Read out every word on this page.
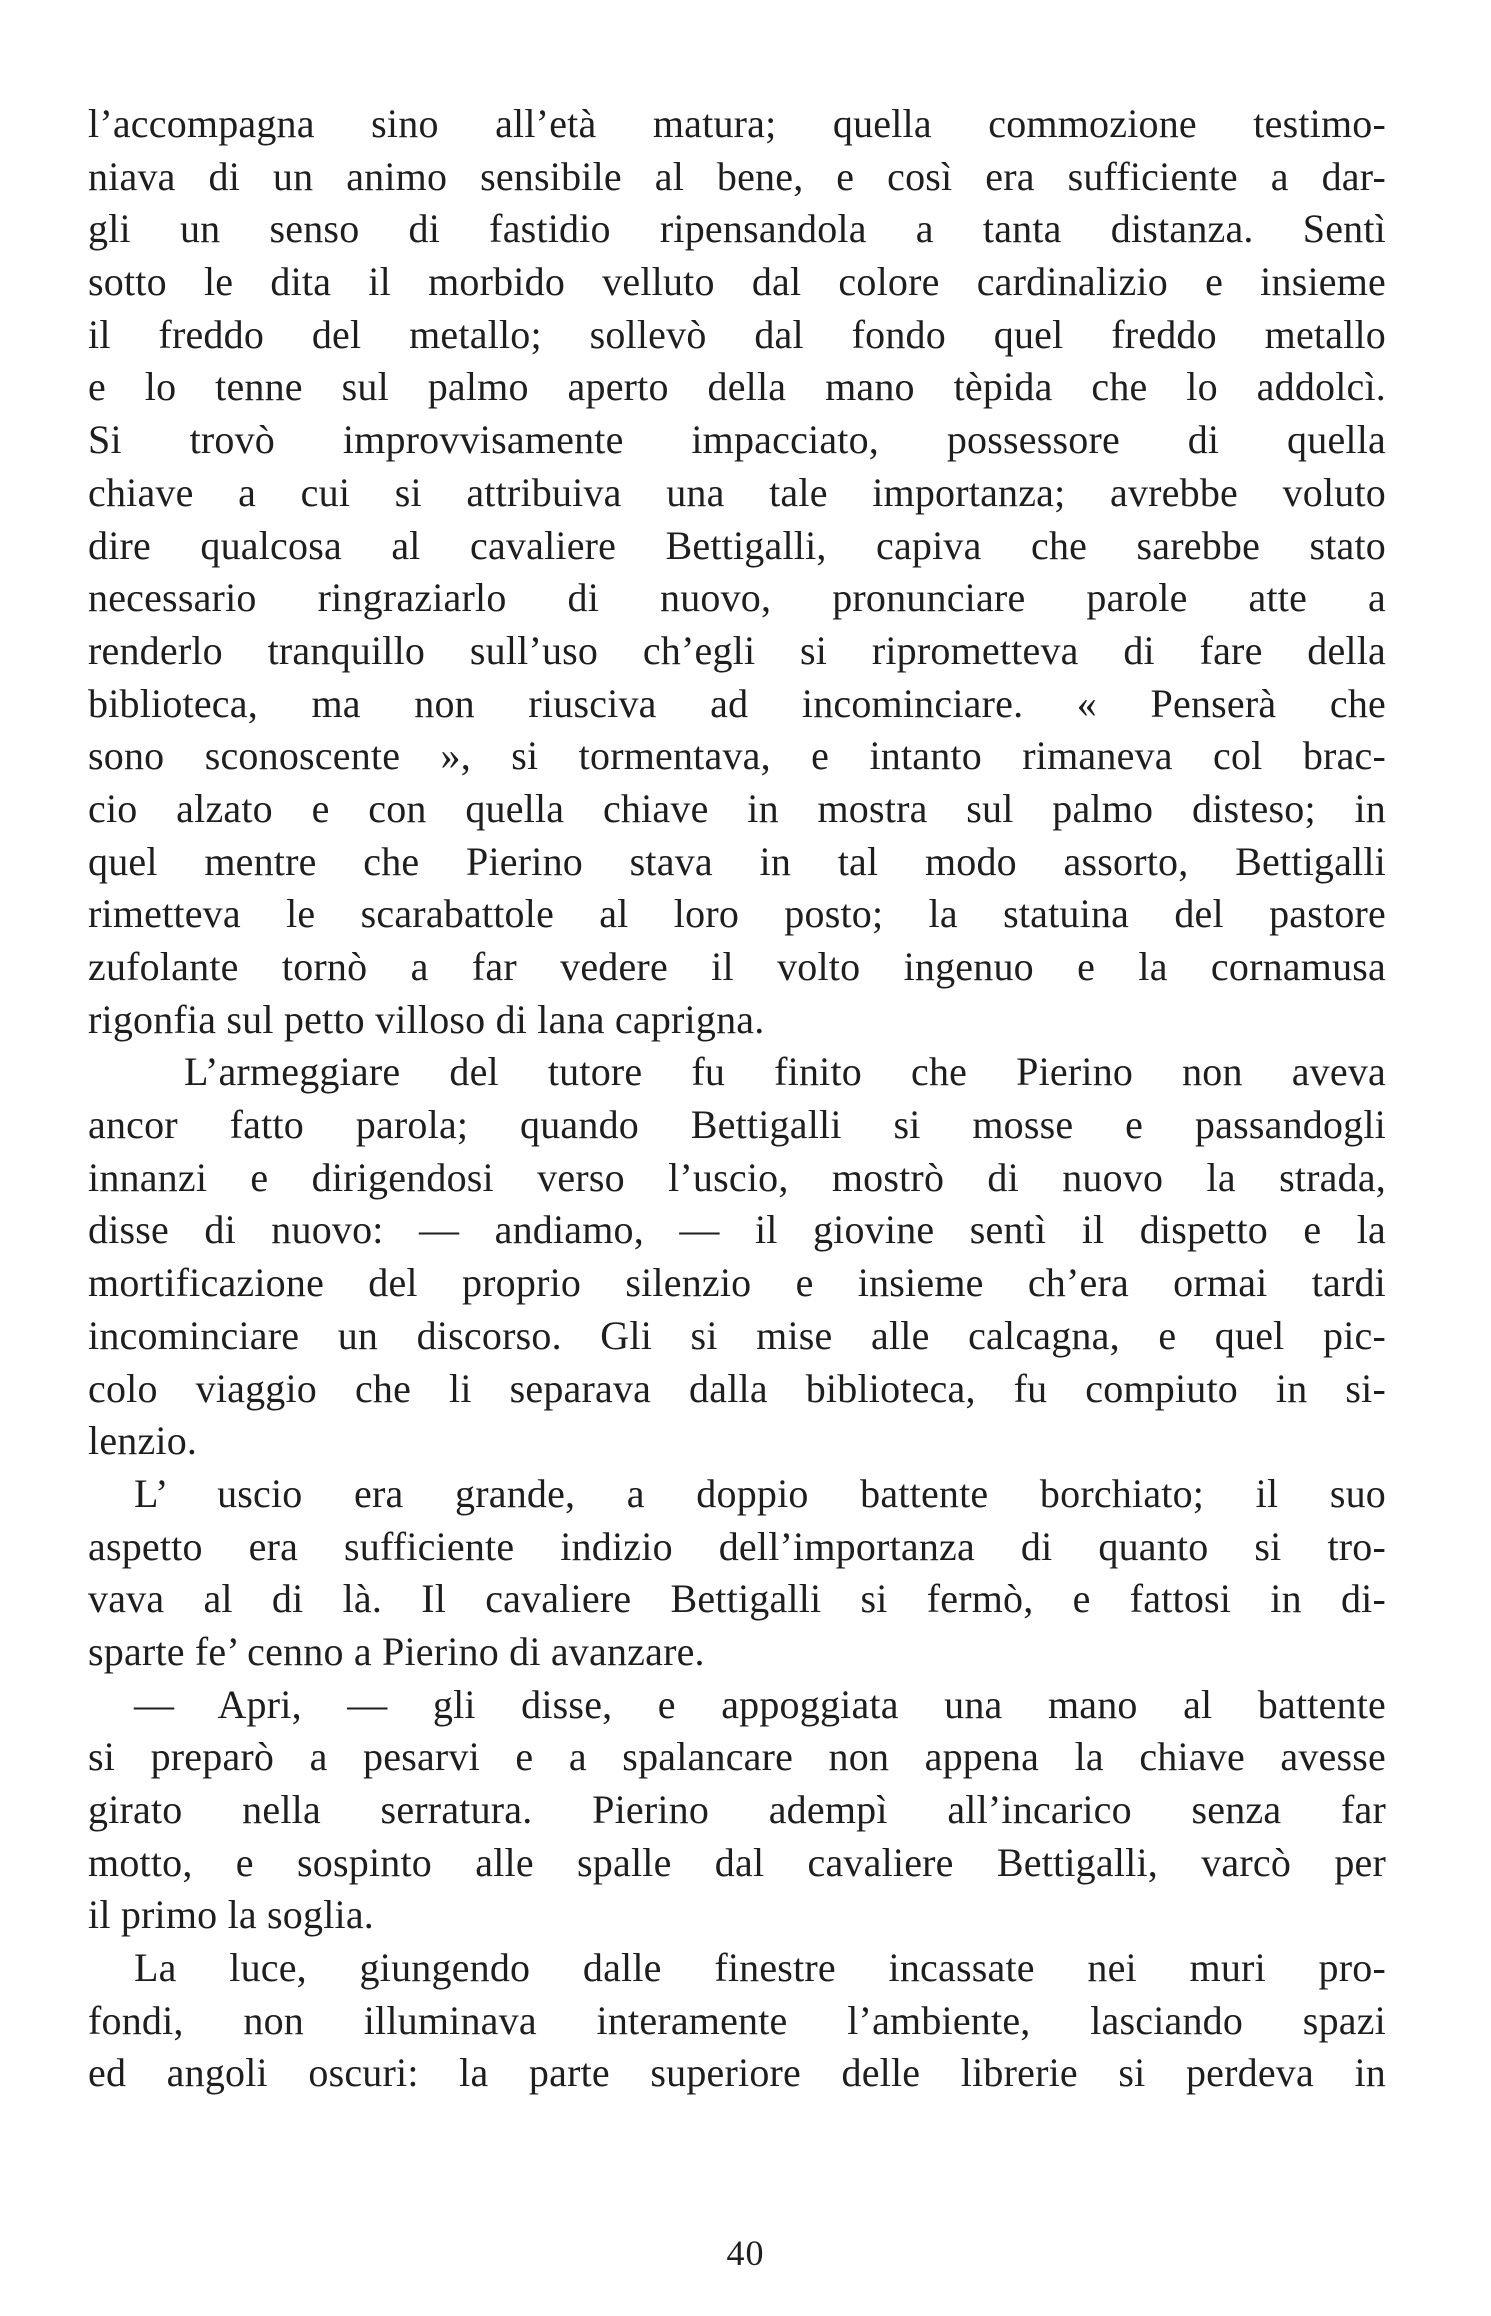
l’accompagna sino all’età matura; quella commozione testimo-
niava di un animo sensibile al bene, e così era sufficiente a dar-
gli un senso di fastidio ripensandola a tanta distanza. Sentì
sotto le dita il morbido velluto dal colore cardinalizio e insieme
il freddo del metallo; sollevò dal fondo quel freddo metallo
e lo tenne sul palmo aperto della mano tèpida che lo addolcì.
Si trovò improvvisamente impacciato, possessore di quella
chiave a cui si attribuiva una tale importanza; avrebbe voluto
dire qualcosa al cavaliere Bettigalli, capiva che sarebbe stato
necessario ringraziarlo di nuovo, pronunciare parole atte a
renderlo tranquillo sull’uso ch’egli si riprometteva di fare della
biblioteca, ma non riusciva ad incominciare. « Penserà che
sono sconoscente », si tormentava, e intanto rimaneva col brac-
cio alzato e con quella chiave in mostra sul palmo disteso; in
quel mentre che Pierino stava in tal modo assorto, Bettigalli
rimetteva le scarabattole al loro posto; la statuina del pastore
zufolante tornò a far vedere il volto ingenuo e la cornamusa
rigonfia sul petto villoso di lana caprigna.
L’armeggiare del tutore fu finito che Pierino non aveva
ancor fatto parola; quando Bettigalli si mosse e passandogli
innanzi e dirigendosi verso l’uscio, mostrò di nuovo la strada,
disse di nuovo: — andiamo, — il giovine sentì il dispetto e la
mortificazione del proprio silenzio e insieme ch’era ormai tardi
incominciare un discorso. Gli si mise alle calcagna, e quel pic-
colo viaggio che li separava dalla biblioteca, fu compiuto in si-
lenzio.
L’ uscio era grande, a doppio battente borchiato; il suo
aspetto era sufficiente indizio dell’importanza di quanto si tro-
vava al di là. Il cavaliere Bettigalli si fermò, e fattosi in di-
sparte fe’ cenno a Pierino di avanzare.
— Apri, — gli disse, e appoggiata una mano al battente
si preparò a pesarvi e a spalancare non appena la chiave avesse
girato nella serratura. Pierino adempì all’incarico senza far
motto, e sospinto alle spalle dal cavaliere Bettigalli, varcò per
il primo la soglia.
La luce, giungendo dalle finestre incassate nei muri pro-
fondi, non illuminava interamente l’ambiente, lasciando spazi
ed angoli oscuri: la parte superiore delle librerie si perdeva in
40
